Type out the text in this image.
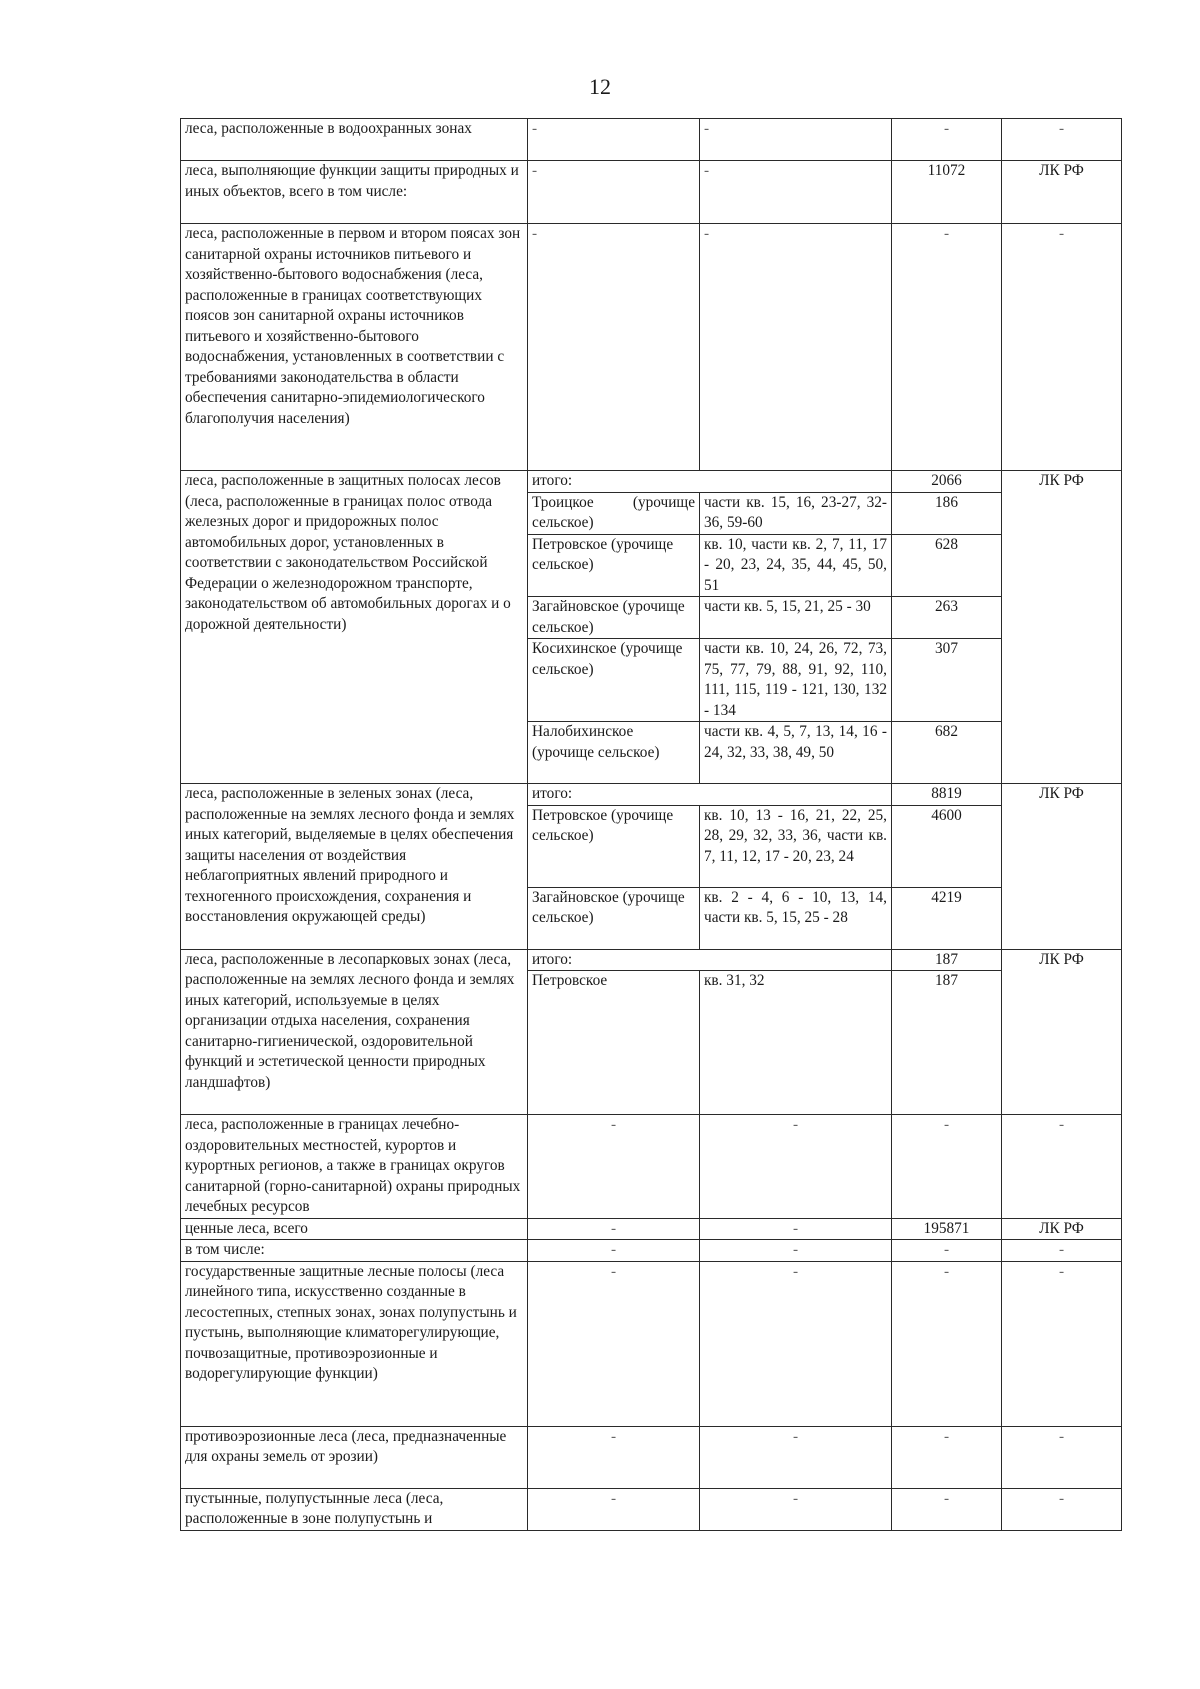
12
леса, расположенные в водоохранных зонах	-	-	-	-
леса, выполняющие функции защиты природных и иных объектов, всего в том числе:	-	-	11072	ЛК РФ
леса, расположенные в первом и втором поясах зон санитарной охраны источников питьевого и хозяйственно-бытового водоснабжения (леса, расположенные в границах соответствующих поясов зон санитарной охраны источников питьевого и хозяйственно-бытового водоснабжения, установленных в соответствии с требованиями законодательства в области обеспечения санитарно-эпидемиологического благополучия населения)	-	-	-	-
леса, расположенные в защитных полосах лесов (леса, расположенные в границах полос отвода железных дорог и придорожных полос автомобильных дорог, установленных в соответствии с законодательством Российской Федерации о железнодорожном транспорте, законодательством об автомобильных дорогах и о дорожной деятельности)	итого:		2066	ЛК РФ
	Троицкое (урочище сельское)	части кв. 15, 16, 23-27, 32-36, 59-60	186	
	Петровское (урочище сельское)	кв. 10, части кв. 2, 7, 11, 17 - 20, 23, 24, 35, 44, 45, 50, 51	628	
	Загайновское (урочище сельское)	части кв. 5, 15, 21, 25 - 30	263	
	Косихинское (урочище сельское)	части кв. 10, 24, 26, 72, 73, 75, 77, 79, 88, 91, 92, 110, 111, 115, 119 - 121, 130, 132 - 134	307	
	Налобихинское (урочище сельское)	части кв. 4, 5, 7, 13, 14, 16 - 24, 32, 33, 38, 49, 50	682	
леса, расположенные в зеленых зонах (леса, расположенные на землях лесного фонда и землях иных категорий, выделяемые в целях обеспечения защиты населения от воздействия неблагоприятных явлений природного и техногенного происхождения, сохранения и восстановления окружающей среды)	итого:		8819	ЛК РФ
	Петровское (урочище сельское)	кв. 10, 13 - 16, 21, 22, 25, 28, 29, 32, 33, 36, части кв. 7, 11, 12, 17 - 20, 23, 24	4600	
	Загайновское (урочище сельское)	кв. 2 - 4, 6 - 10, 13, 14, части кв. 5, 15, 25 - 28	4219	
леса, расположенные в лесопарковых зонах (леса, расположенные на землях лесного фонда и землях иных категорий, используемые в целях организации отдыха населения, сохранения санитарно-гигиенической, оздоровительной функций и эстетической ценности природных ландшафтов)	итого:		187	ЛК РФ
	Петровское	кв. 31, 32	187	
леса, расположенные в границах лечебно-оздоровительных местностей, курортов и курортных регионов, а также в границах округов санитарной (горно-санитарной) охраны природных лечебных ресурсов	-	-	-	-
ценные леса, всего	-	-	195871	ЛК РФ
в том числе:	-	-	-	-
государственные защитные лесные полосы (леса линейного типа, искусственно созданные в лесостепных, степных зонах, зонах полупустынь и пустынь, выполняющие климаторегулирующие, почвозащитные, противоэрозионные и водорегулирующие функции)	-	-	-	-
противоэрозионные леса (леса, предназначенные для охраны земель от эрозии)	-	-	-	-
пустынные, полупустынные леса (леса, расположенные в зоне полупустынь и	-	-	-	-
